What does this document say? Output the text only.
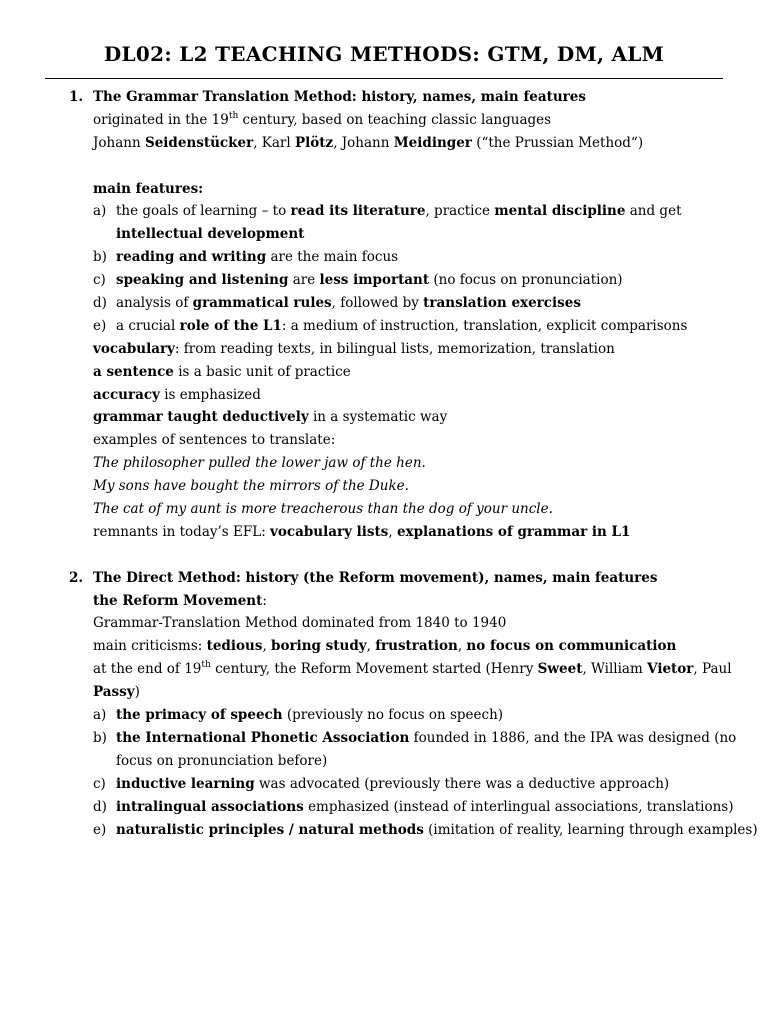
DL02: L2 TEACHING METHODS: GTM, DM, ALM
1. The Grammar Translation Method: history, names, main features
originated in the 19th century, based on teaching classic languages
Johann Seidenstücker, Karl Plötz, Johann Meidinger (“the Prussian Method“)
main features:
a) the goals of learning – to read its literature, practice mental discipline and get
intellectual development
b) reading and writing are the main focus
c) speaking and listening are less important (no focus on pronunciation)
d) analysis of grammatical rules, followed by translation exercises
e) a crucial role of the L1: a medium of instruction, translation, explicit comparisons
vocabulary: from reading texts, in bilingual lists, memorization, translation
a sentence is a basic unit of practice
accuracy is emphasized
grammar taught deductively in a systematic way
examples of sentences to translate:
The philosopher pulled the lower jaw of the hen.
My sons have bought the mirrors of the Duke.
The cat of my aunt is more treacherous than the dog of your uncle.
remnants in today’s EFL: vocabulary lists, explanations of grammar in L1
2. The Direct Method: history (the Reform movement), names, main features
the Reform Movement:
Grammar-Translation Method dominated from 1840 to 1940
main criticisms: tedious, boring study, frustration, no focus on communication
at the end of 19th century, the Reform Movement started (Henry Sweet, William Vietor, Paul
Passy)
a) the primacy of speech (previously no focus on speech)
b) the International Phonetic Association founded in 1886, and the IPA was designed (no
focus on pronunciation before)
c) inductive learning was advocated (previously there was a deductive approach)
d) intralingual associations emphasized (instead of interlingual associations, translations)
e) naturalistic principles / natural methods (imitation of reality, learning through examples)
